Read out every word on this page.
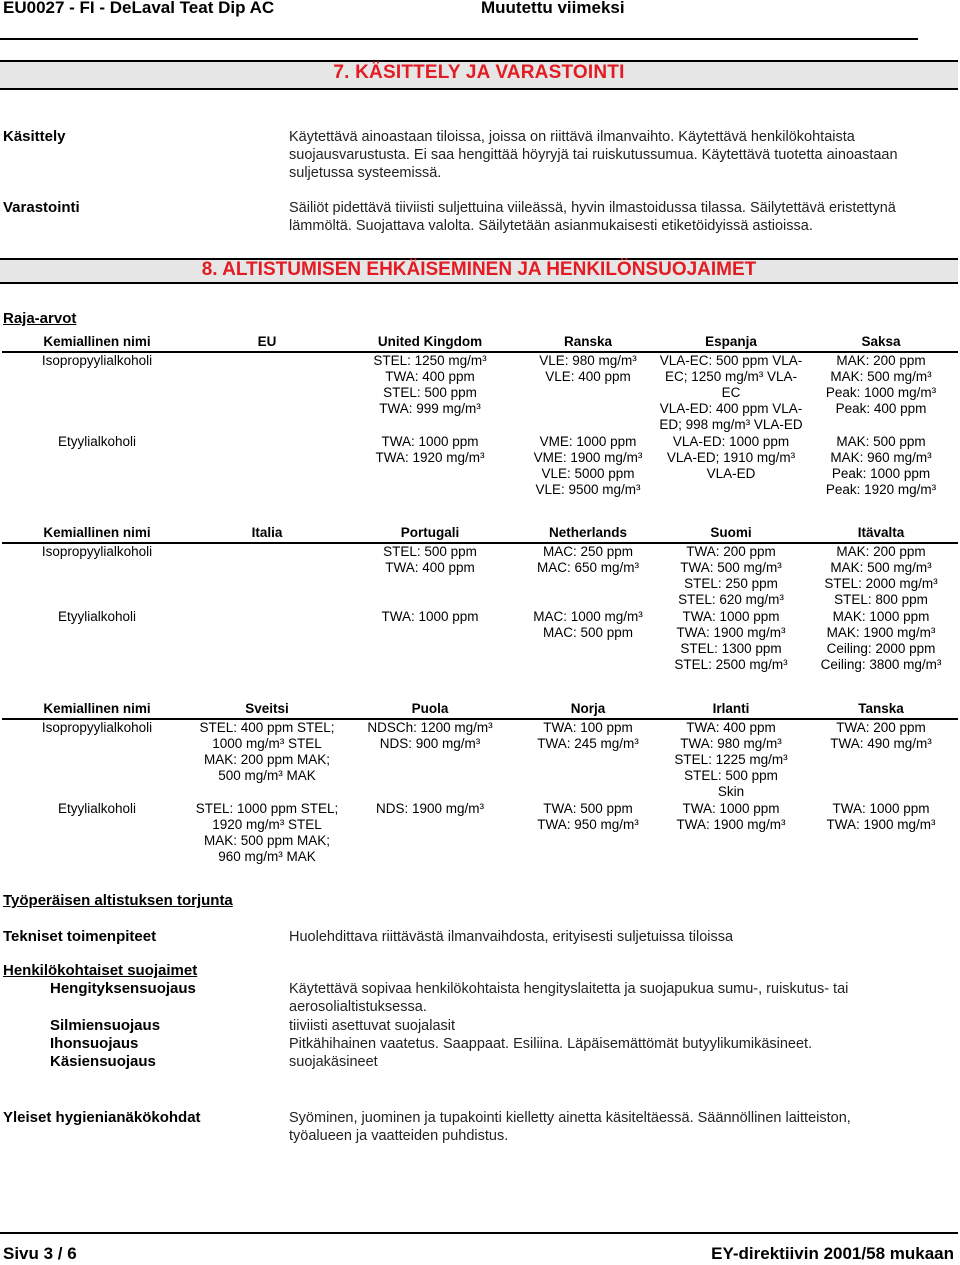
EU0027 - FI - DeLaval Teat Dip AC	Muutettu viimeksi
7. KÄSITTELY JA VARASTOINTI
Käsittely	Käytettävä ainoastaan tiloissa, joissa on riittävä ilmanvaihto. Käytettävä henkilökohtaista
suojausvarustusta. Ei saa hengittää höyryjä tai ruiskutussumua. Käytettävä tuotetta ainoastaan
suljetussa systeemissä.
Varastointi	Säiliöt pidettävä tiiviisti suljettuina viileässä, hyvin ilmastoidussa tilassa. Säilytettävä eristettynä
lämmöltä. Suojattava valolta. Säilytetään asianmukaisesti etiketöidyissä astioissa.
8. ALTISTUMISEN EHKÄISEMINEN JA HENKILÖNSUOJAIMET
Raja-arvot
Kemiallinen nimi	EU	United Kingdom	Ranska	Espanja	Saksa
Isopropyylialkoholi		STEL: 1250 mg/m³
TWA: 400 ppm
STEL: 500 ppm
TWA: 999 mg/m³	VLE: 980 mg/m³
VLE: 400 ppm	VLA-EC: 500 ppm VLA-
EC; 1250 mg/m³ VLA-
EC
VLA-ED: 400 ppm VLA-
ED; 998 mg/m³ VLA-ED	MAK: 200 ppm
MAK: 500 mg/m³
Peak: 1000 mg/m³
Peak: 400 ppm
Etyylialkoholi		TWA: 1000 ppm
TWA: 1920 mg/m³	VME: 1000 ppm
VME: 1900 mg/m³
VLE: 5000 ppm
VLE: 9500 mg/m³	VLA-ED: 1000 ppm
VLA-ED; 1910 mg/m³
VLA-ED	MAK: 500 ppm
MAK: 960 mg/m³
Peak: 1000 ppm
Peak: 1920 mg/m³
Kemiallinen nimi	Italia	Portugali	Netherlands	Suomi	Itävalta
Isopropyylialkoholi		STEL: 500 ppm
TWA: 400 ppm	MAC: 250 ppm
MAC: 650 mg/m³	TWA: 200 ppm
TWA: 500 mg/m³
STEL: 250 ppm
STEL: 620 mg/m³	MAK: 200 ppm
MAK: 500 mg/m³
STEL: 2000 mg/m³
STEL: 800 ppm
Etyylialkoholi		TWA: 1000 ppm	MAC: 1000 mg/m³
MAC: 500 ppm	TWA: 1000 ppm
TWA: 1900 mg/m³
STEL: 1300 ppm
STEL: 2500 mg/m³	MAK: 1000 ppm
MAK: 1900 mg/m³
Ceiling: 2000 ppm
Ceiling: 3800 mg/m³
Kemiallinen nimi	Sveitsi	Puola	Norja	Irlanti	Tanska
Isopropyylialkoholi	STEL: 400 ppm STEL;
1000 mg/m³ STEL
MAK: 200 ppm MAK;
500 mg/m³ MAK	NDSCh: 1200 mg/m³
NDS: 900 mg/m³	TWA: 100 ppm
TWA: 245 mg/m³	TWA: 400 ppm
TWA: 980 mg/m³
STEL: 1225 mg/m³
STEL: 500 ppm
Skin	TWA: 200 ppm
TWA: 490 mg/m³
Etyylialkoholi	STEL: 1000 ppm STEL;
1920 mg/m³ STEL
MAK: 500 ppm MAK;
960 mg/m³ MAK	NDS: 1900 mg/m³	TWA: 500 ppm
TWA: 950 mg/m³	TWA: 1000 ppm
TWA: 1900 mg/m³	TWA: 1000 ppm
TWA: 1900 mg/m³
Työperäisen altistuksen torjunta
Tekniset toimenpiteet	Huolehdittava riittävästä ilmanvaihdosta, erityisesti suljetuissa tiloissa
Henkilökohtaiset suojaimet
Hengityksensuojaus	Käytettävä sopivaa henkilökohtaista hengityslaitetta ja suojapukua sumu-, ruiskutus- tai
aerosolialtistuksessa.
Silmiensuojaus	tiiviisti asettuvat suojalasit
Ihonsuojaus	Pitkähihainen vaatetus. Saappaat. Esiliina. Läpäisemättömät butyylikumikäsineet.
Käsiensuojaus	suojakäsineet
Yleiset hygienianäkökohdat	Syöminen, juominen ja tupakointi kielletty ainetta käsiteltäessä. Säännöllinen laitteiston,
työalueen ja vaatteiden puhdistus.
Sivu 3 / 6	EY-direktiivin 2001/58 mukaan
